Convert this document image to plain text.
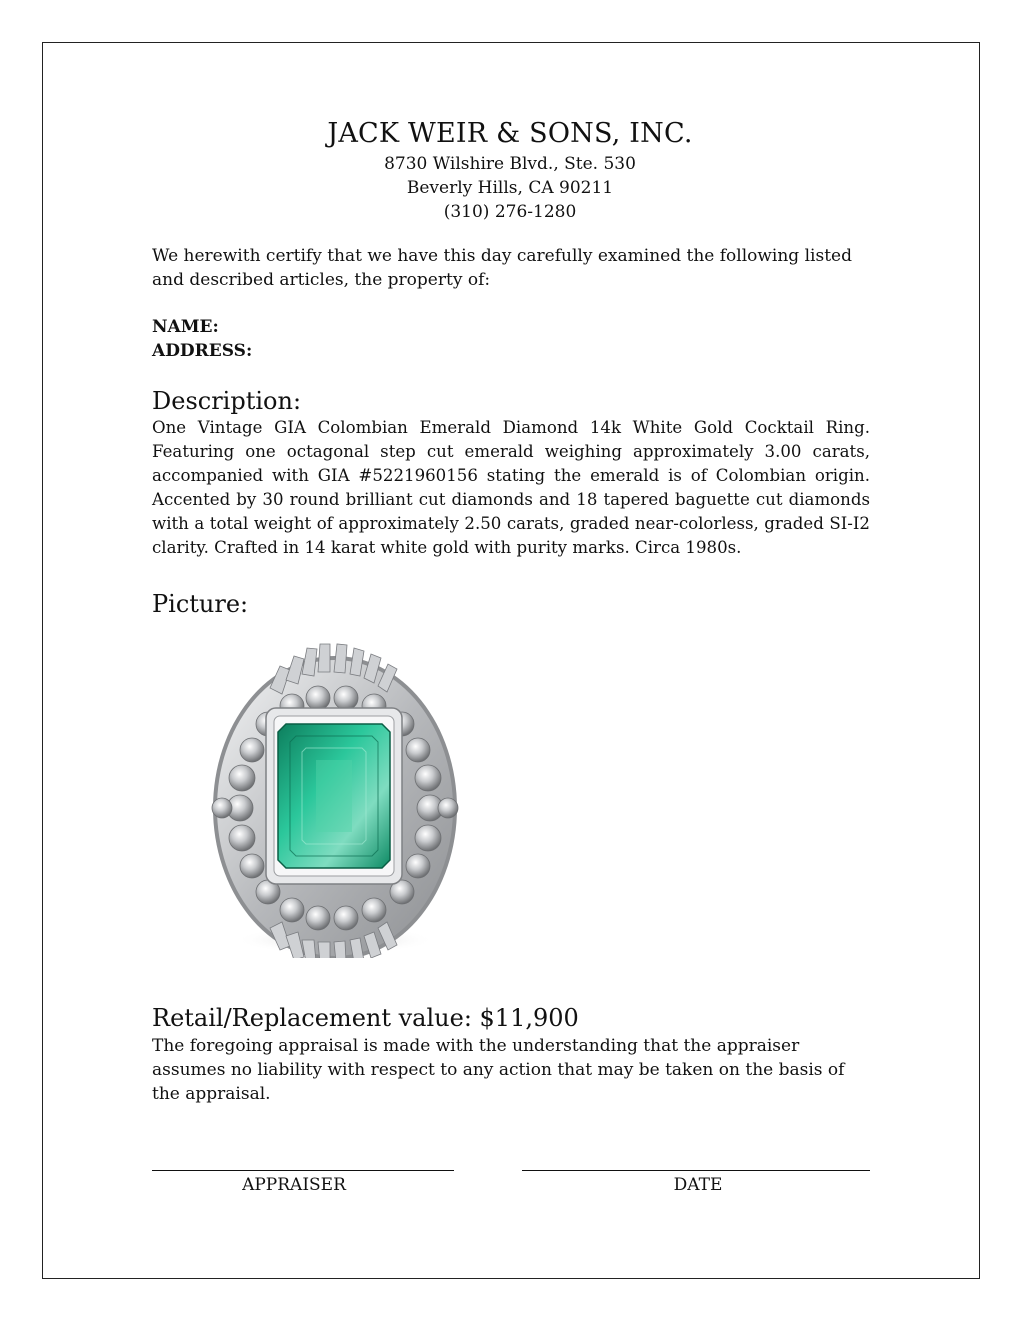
JACK WEIR & SONS, INC.
8730 Wilshire Blvd., Ste. 530
Beverly Hills, CA 90211
(310) 276-1280
We herewith certify that we have this day carefully examined the following listed and described articles, the property of:
NAME:
ADDRESS:
Description:
One Vintage GIA Colombian Emerald Diamond 14k White Gold Cocktail Ring. Featuring one octagonal step cut emerald weighing approximately 3.00 carats, accompanied with GIA #5221960156 stating the emerald is of Colombian origin. Accented by 30 round brilliant cut diamonds and 18 tapered baguette cut diamonds with a total weight of approximately 2.50 carats, graded near-colorless, graded SI-I2 clarity. Crafted in 14 karat white gold with purity marks. Circa 1980s.
Picture:
Retail/Replacement value: $11,900
The foregoing appraisal is made with the understanding that the appraiser assumes no liability with respect to any action that may be taken on the basis of the appraisal.
APPRAISER	DATE
